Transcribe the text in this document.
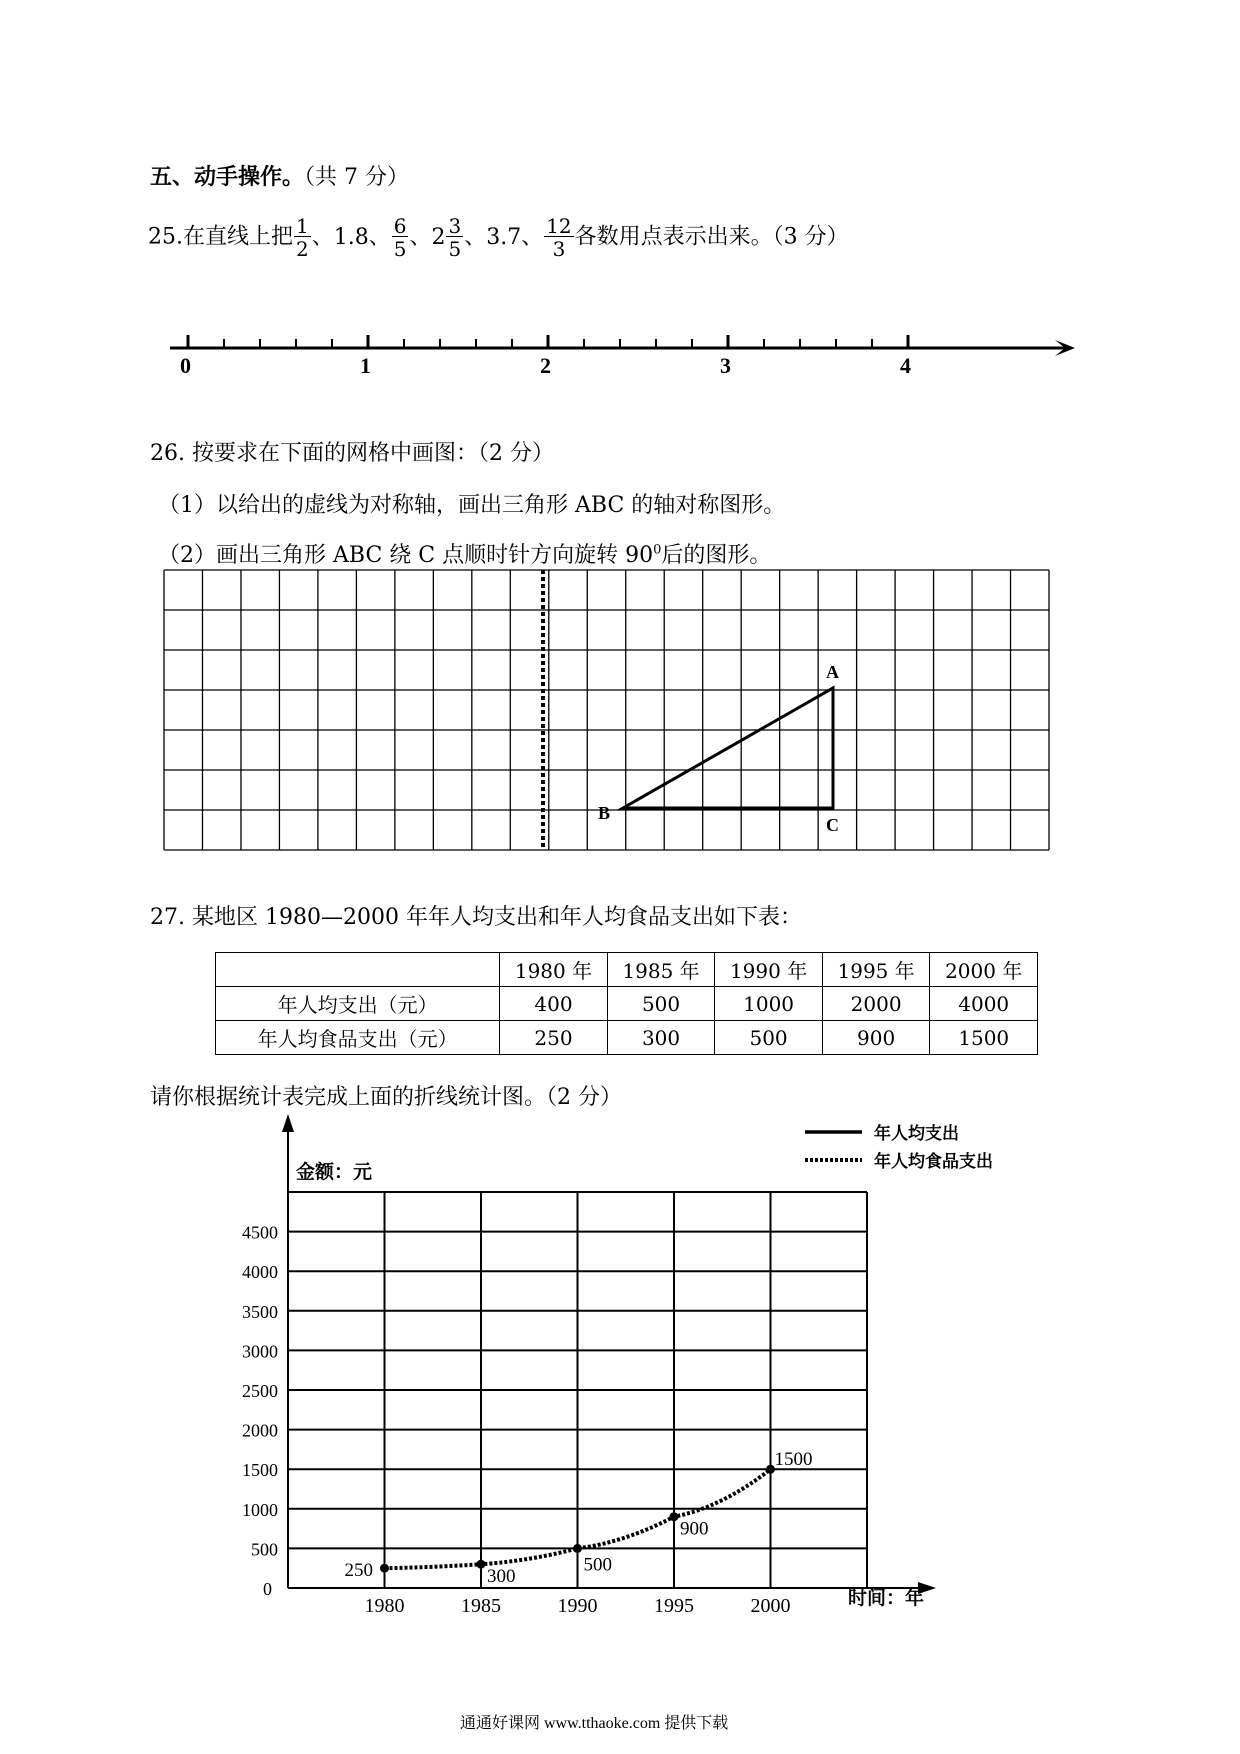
五、动手操作。（共 7 分）
25.在直线上把 $\frac{1}{2}$ 、1.8、 $\frac{6}{5}$ 、$2 \frac{3}{5}$ 、3.7、 $\frac{12}{3}$ 各数用点表示出来。（3 分）
0	1	2	3	4
26. 按要求在下面的网格中画图：（2 分）
（1）以给出的虚线为对称轴，画出三角形 ABC 的轴对称图形。
（2）画出三角形 ABC 绕 C 点顺时针方向旋转 $90^0$后的图形。
A
B
C
27. 某地区 1980—2000 年年人均支出和年人均食品支出如下表：
	1980 年	1985 年	1990 年	1995 年	2000 年
年人均支出（元）	400	500	1000	2000	4000
年人均食品支出（元）	250	300	500	900	1500
请你根据统计表完成上面的折线统计图。（2 分）
0
500
1000
1500
2000
2500
3000
3500
4000
4500
1980	1985	1990	1995	2000
250	300
500
900
1500
金额：元
时间：年
年人均支出
年人均食品支出
通通好课网 www.tthaoke.com 提供下载
